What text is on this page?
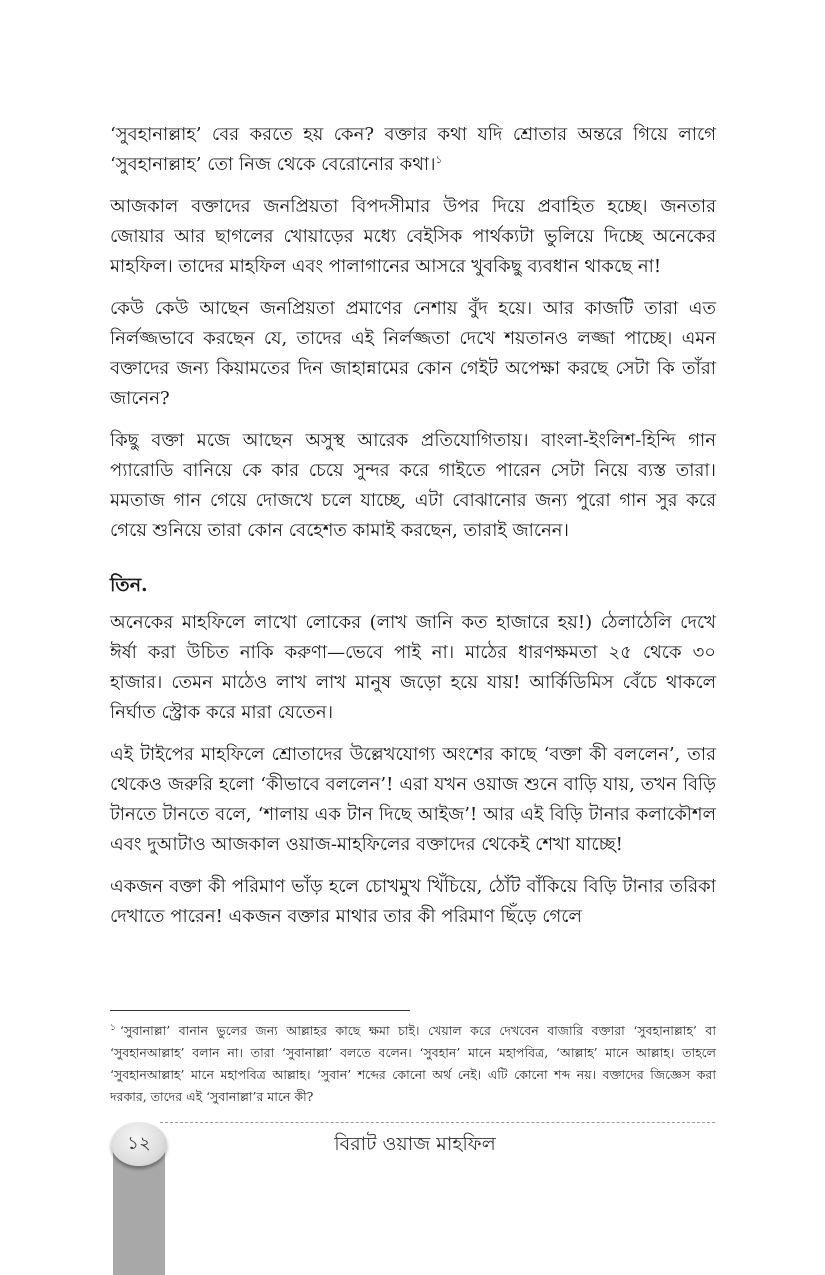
‘সুবহানাল্লাহ’ বের করতে হয় কেন? বক্তার কথা যদি শ্রোতার অন্তরে গিয়ে লাগে ‘সুবহানাল্লাহ’ তো নিজ থেকে বেরোনোর কথা।$^১$

আজকাল বক্তাদের জনপ্রিয়তা বিপদসীমার উপর দিয়ে প্রবাহিত হচ্ছে। জনতার জোয়ার আর ছাগলের খোয়াড়ের মধ্যে বেইসিক পার্থক্যটা ভুলিয়ে দিচ্ছে অনেকের মাহফিল। তাদের মাহফিল এবং পালাগানের আসরে খুবকিছু ব্যবধান থাকছে না!

কেউ কেউ আছেন জনপ্রিয়তা প্রমাণের নেশায় বুঁদ হয়ে। আর কাজটি তারা এত নির্লজ্জভাবে করছেন যে, তাদের এই নির্লজ্জতা দেখে শয়তানও লজ্জা পাচ্ছে। এমন বক্তাদের জন্য কিয়ামতের দিন জাহান্নামের কোন গেইট অপেক্ষা করছে সেটা কি তাঁরা জানেন?

কিছু বক্তা মজে আছেন অসুস্থ আরেক প্রতিযোগিতায়। বাংলা-ইংলিশ-হিন্দি গান প্যারোডি বানিয়ে কে কার চেয়ে সুন্দর করে গাইতে পারেন সেটা নিয়ে ব্যস্ত তারা। মমতাজ গান গেয়ে দোজখে চলে যাচ্ছে, এটা বোঝানোর জন্য পুরো গান সুর করে গেয়ে শুনিয়ে তারা কোন বেহেশত কামাই করছেন, তারাই জানেন।

তিন.

অনেকের মাহফিলে লাখো লোকের (লাখ জানি কত হাজারে হয়!) ঠেলাঠেলি দেখে ঈর্ষা করা উচিত নাকি করুণা—ভেবে পাই না। মাঠের ধারণক্ষমতা ২৫ থেকে ৩০ হাজার। তেমন মাঠেও লাখ লাখ মানুষ জড়ো হয়ে যায়! আর্কিডিমিস বেঁচে থাকলে নির্ঘাত স্ট্রোক করে মারা যেতেন।

এই টাইপের মাহফিলে শ্রোতাদের উল্লেখযোগ্য অংশের কাছে ‘বক্তা কী বললেন’, তার থেকেও জরুরি হলো ‘কীভাবে বললেন’! এরা যখন ওয়াজ শুনে বাড়ি যায়, তখন বিড়ি টানতে টানতে বলে, ‘শালায় এক টান দিছে আইজ’! আর এই বিড়ি টানার কলাকৌশল এবং দুআটাও আজকাল ওয়াজ-মাহফিলের বক্তাদের থেকেই শেখা যাচ্ছে!

একজন বক্তা কী পরিমাণ ভাঁড় হলে চোখমুখ খিঁচিয়ে, ঠোঁট বাঁকিয়ে বিড়ি টানার তরিকা দেখাতে পারেন! একজন বক্তার মাথার তার কী পরিমাণ ছিঁড়ে গেলে

$^১$ ‘সুবানাল্লা’ বানান ভুলের জন্য আল্লাহর কাছে ক্ষমা চাই। খেয়াল করে দেখবেন বাজারি বক্তারা ‘সুবহানাল্লাহ’ বা ‘সুবহানআল্লাহ’ বলান না। তারা ‘সুবানাল্লা’ বলতে বলেন। ‘সুবহান’ মানে মহাপবিত্র, ‘আল্লাহ’ মানে আল্লাহ। তাহলে ‘সুবহানআল্লাহ’ মানে মহাপবিত্র আল্লাহ। ‘সুবান’ শব্দের কোনো অর্থ নেই। এটি কোনো শব্দ নয়। বক্তাদের জিজ্ঞেস করা দরকার, তাদের এই ‘সুবানাল্লা’র মানে কী?
১২	বিরাট ওয়াজ মাহফিল
